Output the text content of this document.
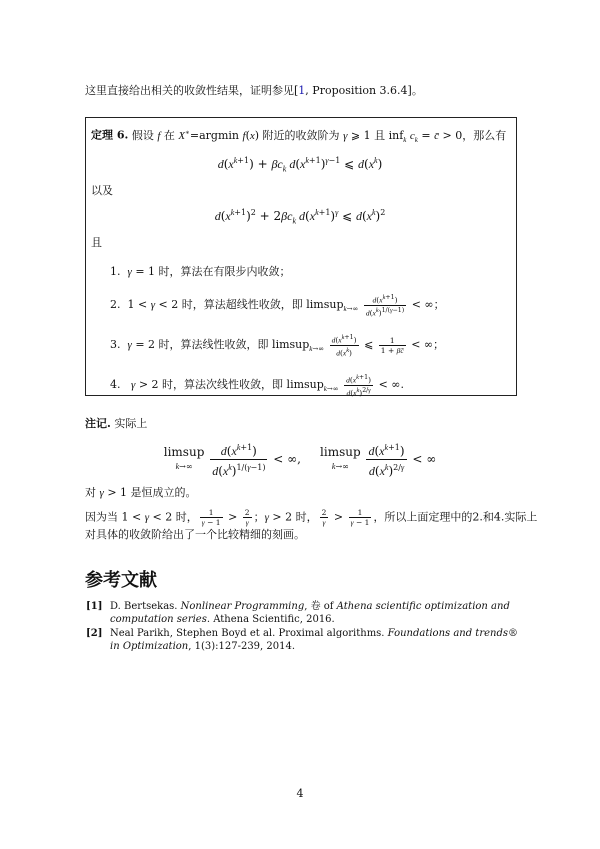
这里直接给出相关的收敛性结果，证明参见[1, Proposition 3.6.4]。
定理 6. 假设 f 在 X∗=argmin f(x) 附近的收敛阶为 γ ⩾ 1 且 inf$_k$ $c_k$ = c̄ > 0，那么有
$d(x^{k+1}) + \beta c_k$ $d(x^{k+1})^{\gamma-1}$ ⩽ $d(x^k)$
以及
$d(x^{k+1})^2 + 2\beta c_k$ $d(x^{k+1})^\gamma$ ⩽ $d(x^k)^2$
且
1. γ = 1 时，算法在有限步内收敛；
2.  1 < γ < 2 时，算法超线性收敛，即 limsup$_{k\to\infty}$ $\frac{d(x^{k+1})}{d(x^k)^{1/(\gamma-1)}}$ < ∞；
3. γ = 2 时，算法线性收敛，即 limsup$_{k\to\infty}$ $\frac{d(x^{k+1})}{d(x^k)}$ ⩽ $\frac{1}{1 + \beta c̄}$ < ∞；
4. γ > 2 时，算法次线性收敛，即 limsup$_{k\to\infty}$ $\frac{d(x^{k+1})}{d(x^k)^{2/\gamma}}$ < ∞.
注记. 实际上
limsup
$k\to\infty \frac{d(x^{k+1})}{d(x^k)^{1/(\gamma-1)}}$ < ∞,     limsup
$k\to\infty \frac{d(x^{k+1})}{d(x^k)^{2/\gamma}}$ < ∞
对 γ > 1 是恒成立的。
因为当 1 < γ < 2 时， $\frac{1}{\gamma - 1} > \frac{2}{\gamma}$ ；γ > 2 时， $\frac{2}{\gamma} > \frac{1}{\gamma - 1}$ ，所以上面定理中的2.和4.实际上
对具体的收敛阶给出了一个比较精细的刻画。
参考文献
[1] D. Bertsekas. Nonlinear Programming, 卷 of Athena scientific optimization and computation series. Athena Scientific, 2016.
[2] Neal Parikh, Stephen Boyd et al. Proximal algorithms. Foundations and trends® in Optimization, 1(3):127-239, 2014.
4
